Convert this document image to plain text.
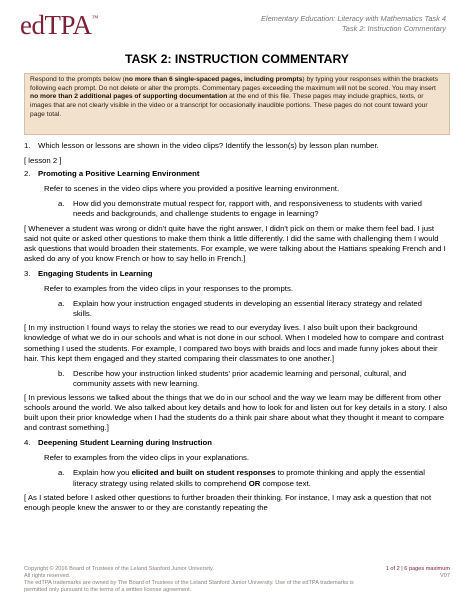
edTPA™	Elementary Education: Literacy with Mathematics Task 4
Task 2: Instruction Commentary
TASK 2: INSTRUCTION COMMENTARY
Respond to the prompts below (no more than 6 single-spaced pages, including prompts) by typing your responses within the brackets following each prompt. Do not delete or alter the prompts. Commentary pages exceeding the maximum will not be scored. You may insert no more than 2 additional pages of supporting documentation at the end of this file. These pages may include graphics, texts, or images that are not clearly visible in the video or a transcript for occasionally inaudible portions. These pages do not count toward your page total.
1. Which lesson or lessons are shown in the video clips? Identify the lesson(s) by lesson plan number.
[ lesson 2 ]
2. Promoting a Positive Learning Environment
Refer to scenes in the video clips where you provided a positive learning environment.
a. How did you demonstrate mutual respect for, rapport with, and responsiveness to students with varied needs and backgrounds, and challenge students to engage in learning?
[ Whenever a student was wrong or didn't quite have the right answer, I didn't pick on them or make them feel bad. I just said not quite or asked other questions to make them think a little differently. I did the same with challenging them I would ask questions that would broaden their statements. For example, we were talking about the Hattians speaking French and I asked do any of you know French or how to say hello in French.]
3. Engaging Students in Learning
Refer to examples from the video clips in your responses to the prompts.
a. Explain how your instruction engaged students in developing an essential literacy strategy and related skills.
[ In my instruction I found ways to relay the stories we read to our everyday lives. I also built upon their background knowledge of what we do in our schools and what is not done in our school. When I modeled how to compare and contrast something I used the students. For example, I compared two boys with braids and locs and made funny jokes about their hair. This kept them engaged and they started comparing their classmates to one another.]
b. Describe how your instruction linked students' prior academic learning and personal, cultural, and community assets with new learning.
[ In previous lessons we talked about the things that we do in our school and the way we learn may be different from other schools around the world. We also talked about key details and how to look for and listen out for key details in a story. I also built upon their prior knowledge when I had the students do a think pair share about what they thought it meant to compare and contrast something.]
4. Deepening Student Learning during Instruction
Refer to examples from the video clips in your explanations.
a. Explain how you elicited and built on student responses to promote thinking and apply the essential literacy strategy using related skills to comprehend OR compose text.
[ As I stated before I asked other questions to further broaden their thinking. For instance, I may ask a question that not enough people knew the answer to or they are constantly repeating the
Copyright © 2016 Board of Trustees of the Leland Stanford Junior University.
All rights reserved.
The edTPA trademarks are owned by The Board of Trustees of the Leland Stanford Junior University. Use of the edTPA trademarks is
permitted only pursuant to the terms of a written license agreement.
1 of 2 | 6 pages maximum
V07
